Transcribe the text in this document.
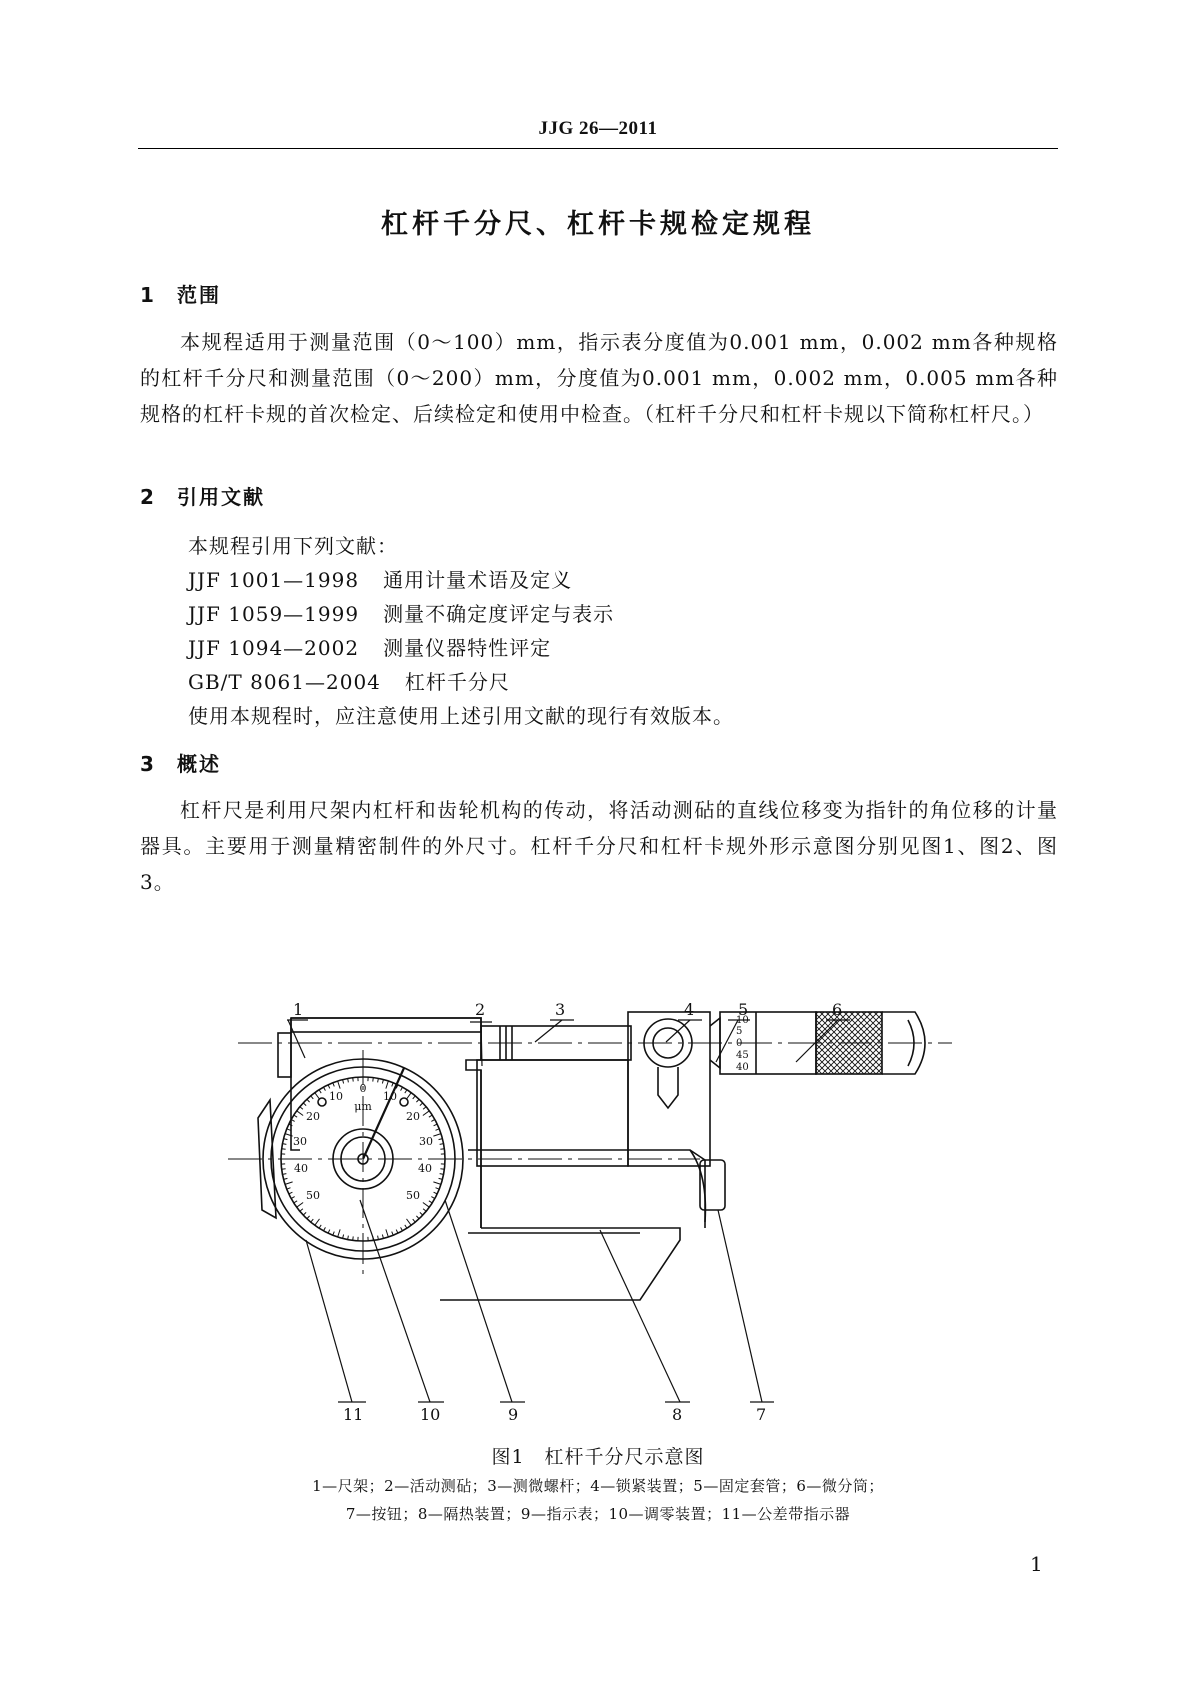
JJG 26—2011
杠杆千分尺、杠杆卡规检定规程
1 范围
本规程适用于测量范围（0～100）mm，指示表分度值为0.001 mm，0.002 mm各种规格的杠杆千分尺和测量范围（0～200）mm，分度值为0.001 mm，0.002 mm，0.005 mm各种规格的杠杆卡规的首次检定、后续检定和使用中检查。（杠杆千分尺和杠杆卡规以下简称杠杆尺。）
2 引用文献
本规程引用下列文献：
JJF 1001—1998 通用计量术语及定义
JJF 1059—1999 测量不确定度评定与表示
JJF 1094—2002 测量仪器特性评定
GB/T 8061—2004 杠杆千分尺
使用本规程时，应注意使用上述引用文献的现行有效版本。
3 概述
杠杆尺是利用尺架内杠杆和齿轮机构的传动，将活动测砧的直线位移变为指针的角位移的计量器具。主要用于测量精密制件的外尺寸。杠杆千分尺和杠杆卡规外形示意图分别见图1、图2、图3。
1	2	3	4	5	6
7
8
9
10
11
0
10	10
20	20
30	30
40	40
50	50
μm
10
5
0
45
40
图1　杠杆千分尺示意图
1—尺架；2—活动测砧；3—测微螺杆；4—锁紧装置；5—固定套管；6—微分筒；
7—按钮；8—隔热装置；9—指示表；10—调零装置；11—公差带指示器
1
